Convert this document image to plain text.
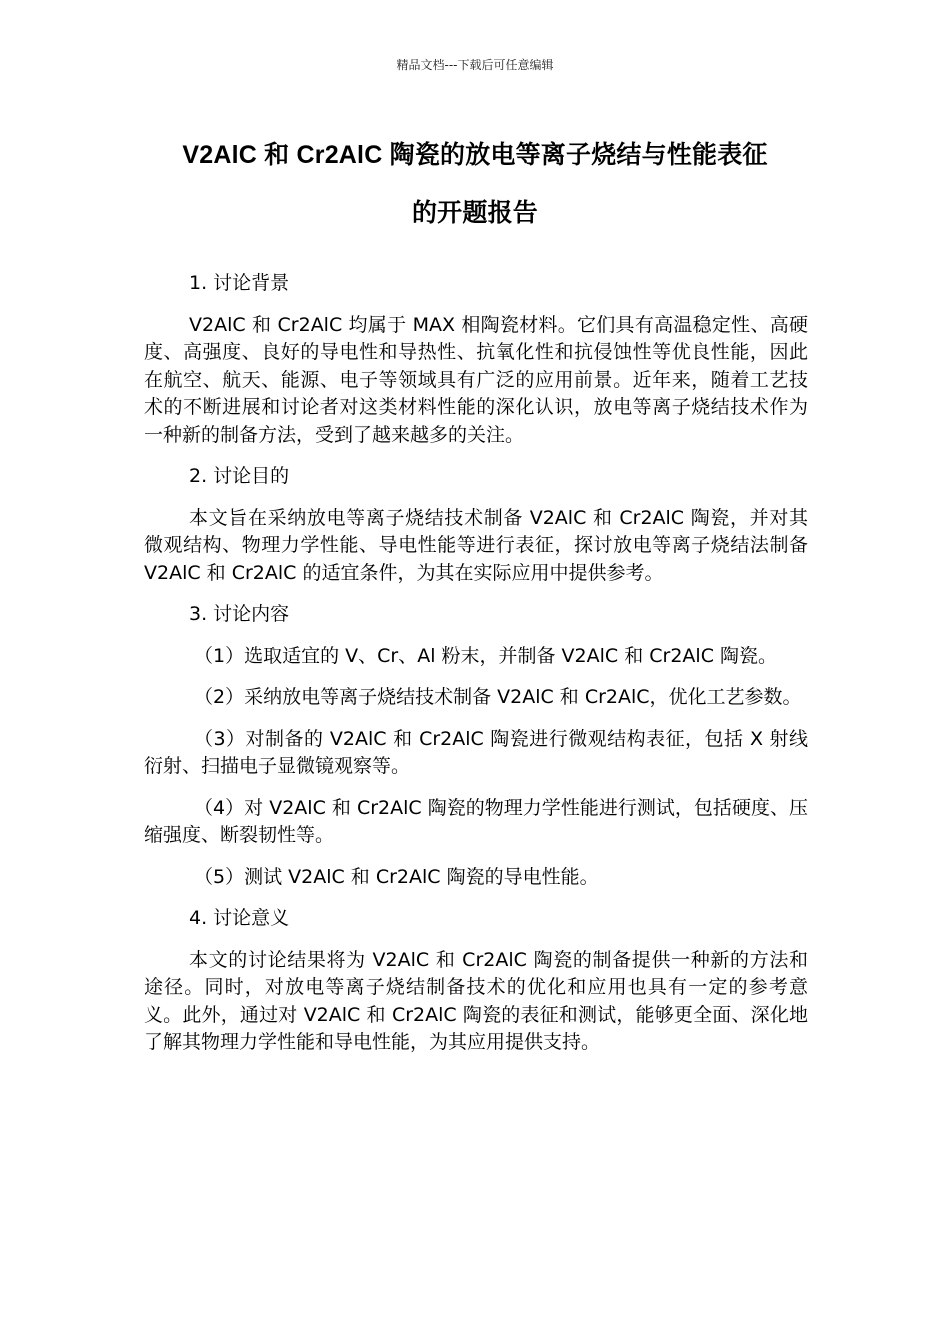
精品文档---下载后可任意编辑
V2AlC 和 Cr2AlC 陶瓷的放电等离子烧结与性能表征
的开题报告
1. 讨论背景

V2AlC 和 Cr2AlC 均属于 MAX 相陶瓷材料。它们具有高温稳定性、高硬度、高强度、良好的导电性和导热性、抗氧化性和抗侵蚀性等优良性能，因此在航空、航天、能源、电子等领域具有广泛的应用前景。近年来，随着工艺技术的不断进展和讨论者对这类材料性能的深化认识，放电等离子烧结技术作为一种新的制备方法，受到了越来越多的关注。

2. 讨论目的

本文旨在采纳放电等离子烧结技术制备 V2AlC 和 Cr2AlC 陶瓷，并对其微观结构、物理力学性能、导电性能等进行表征，探讨放电等离子烧结法制备 V2AlC 和 Cr2AlC 的适宜条件，为其在实际应用中提供参考。

3. 讨论内容

（1）选取适宜的 V、Cr、Al 粉末，并制备 V2AlC 和 Cr2AlC 陶瓷。

（2）采纳放电等离子烧结技术制备 V2AlC 和 Cr2AlC，优化工艺参数。

（3）对制备的 V2AlC 和 Cr2AlC 陶瓷进行微观结构表征，包括 X 射线衍射、扫描电子显微镜观察等。

（4）对 V2AlC 和 Cr2AlC 陶瓷的物理力学性能进行测试，包括硬度、压缩强度、断裂韧性等。

（5）测试 V2AlC 和 Cr2AlC 陶瓷的导电性能。

4. 讨论意义

本文的讨论结果将为 V2AlC 和 Cr2AlC 陶瓷的制备提供一种新的方法和途径。同时，对放电等离子烧结制备技术的优化和应用也具有一定的参考意义。此外，通过对 V2AlC 和 Cr2AlC 陶瓷的表征和测试，能够更全面、深化地了解其物理力学性能和导电性能，为其应用提供支持。
